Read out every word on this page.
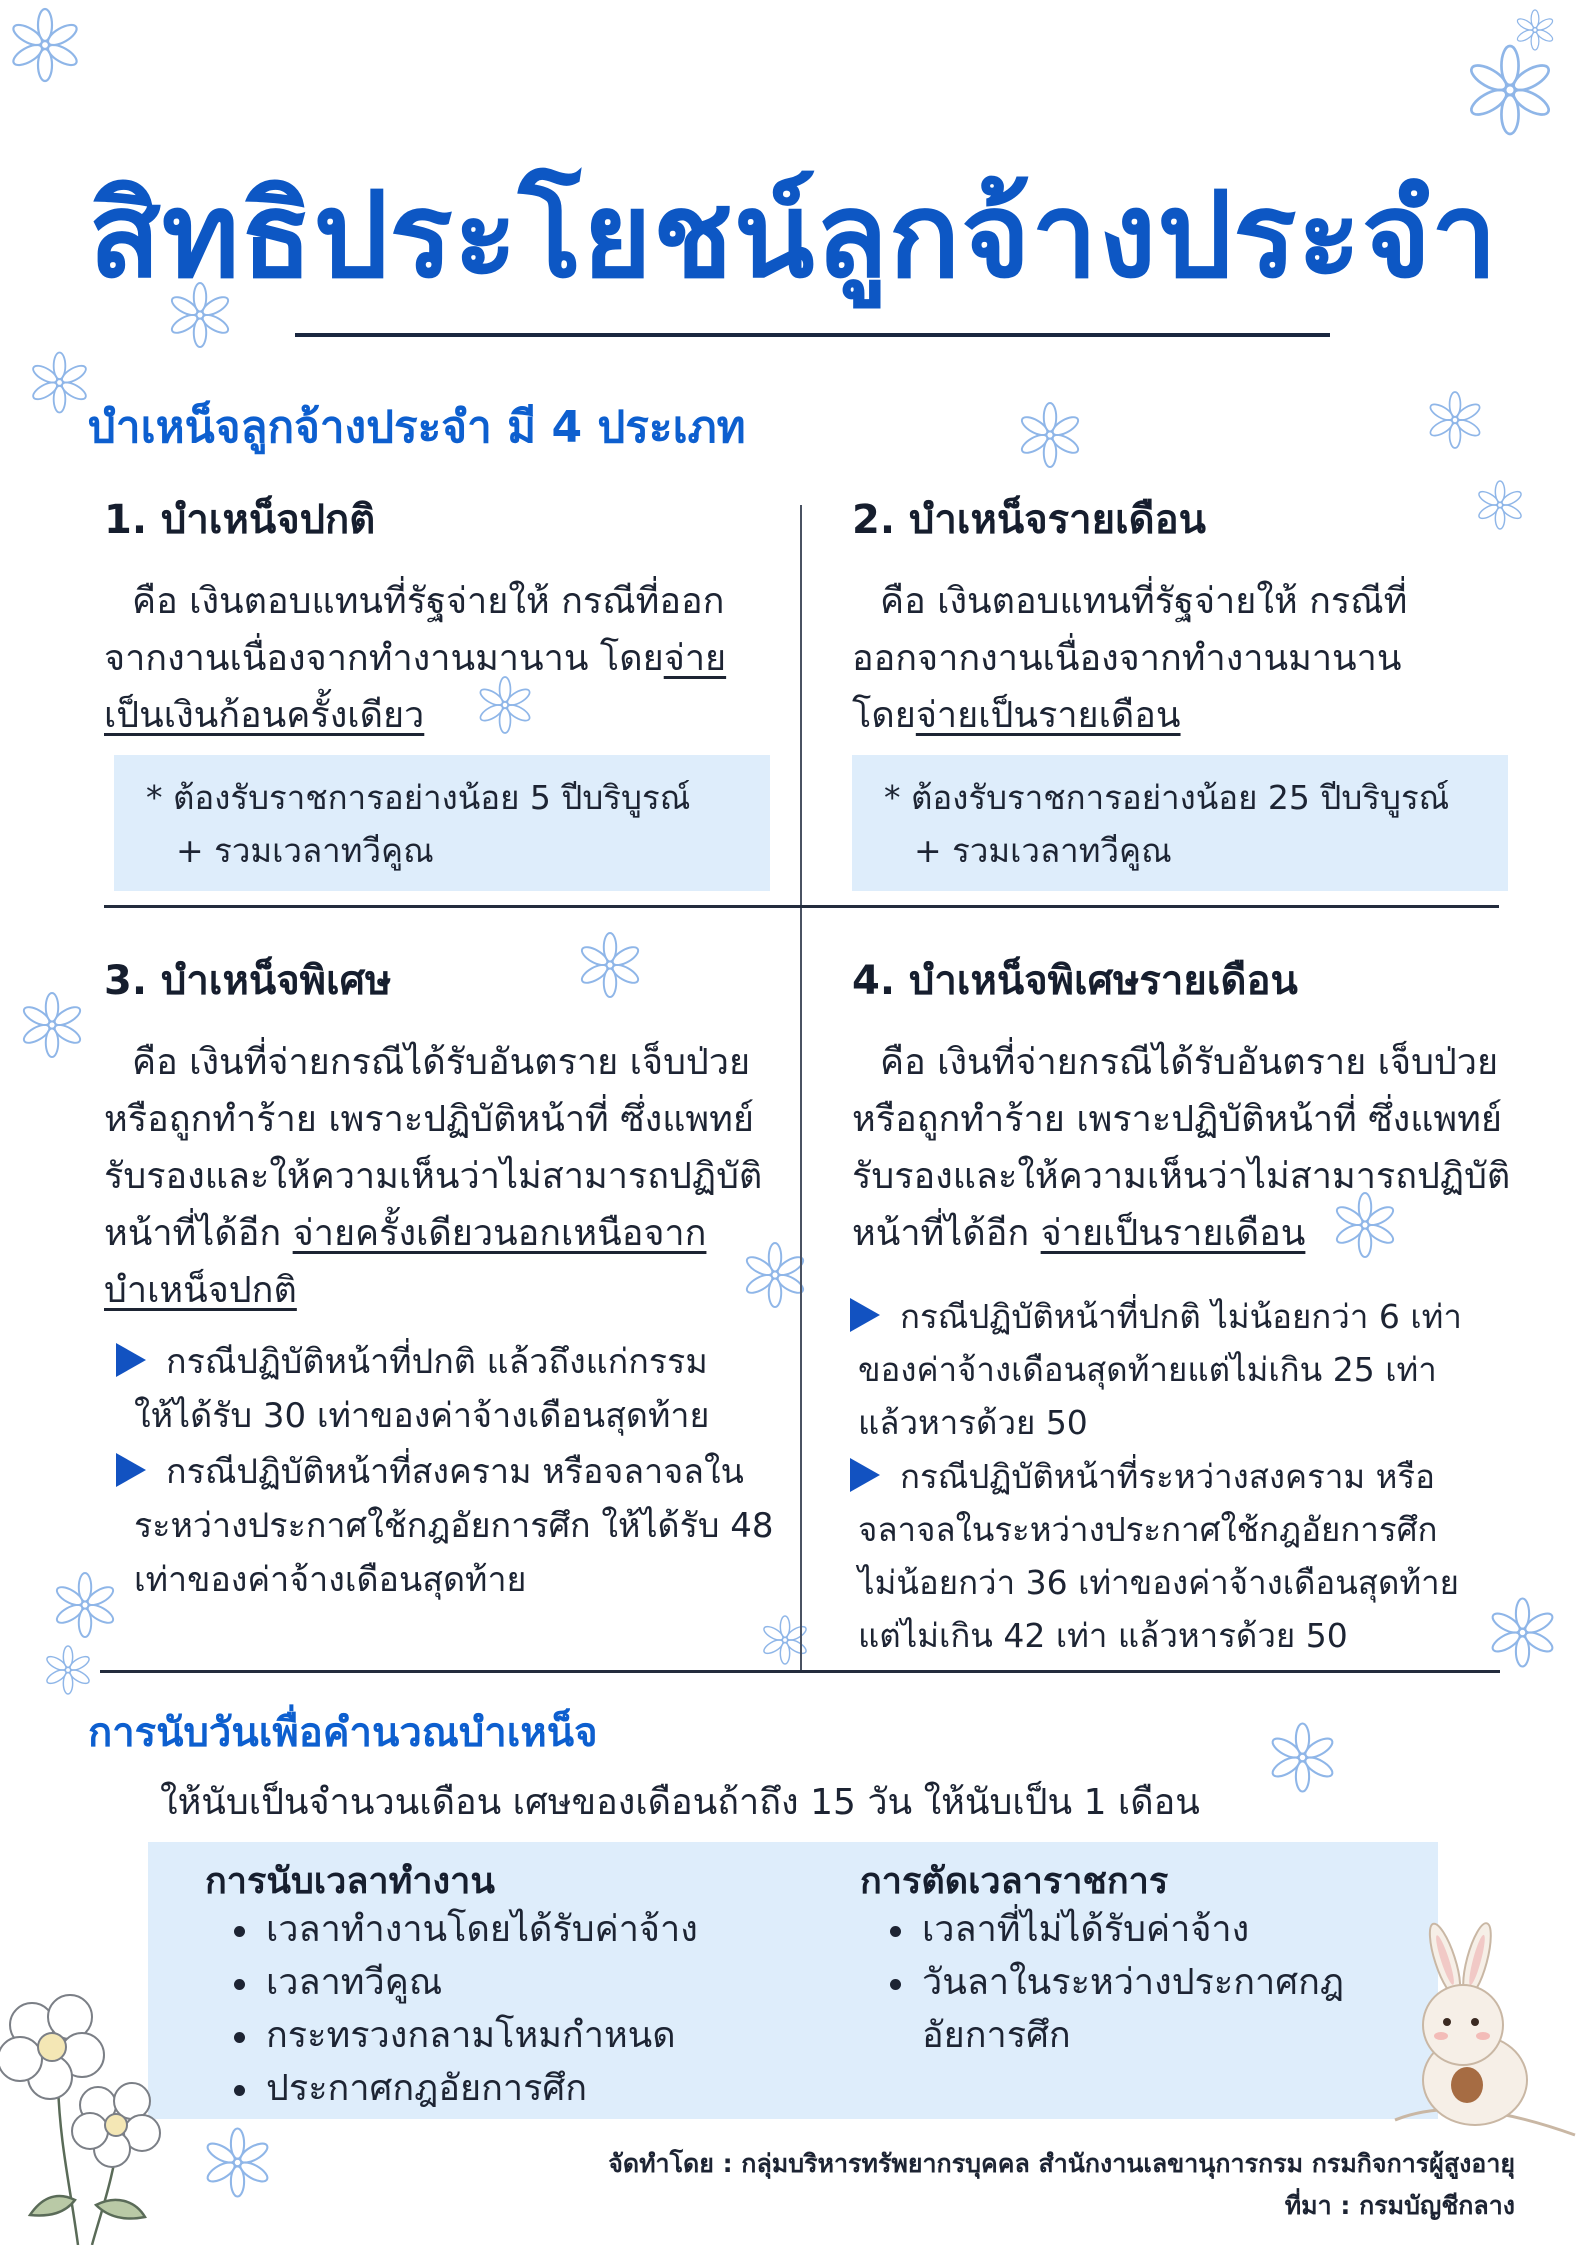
สิทธิประโยชน์ลูกจ้างประจำ
บำเหน็จลูกจ้างประจำ มี 4 ประเภท
1. บำเหน็จปกติ

คือ เงินตอบแทนที่รัฐจ่ายให้ กรณีที่ออก
จากงานเนื่องจากทำงานมานาน โดยจ่าย
เป็นเงินก้อนครั้งเดียว

* ต้องรับราชการอย่างน้อย 5 ปีบริบูรณ์
+ รวมเวลาทวีคูณ
2. บำเหน็จรายเดือน

คือ เงินตอบแทนที่รัฐจ่ายให้ กรณีที่
ออกจากงานเนื่องจากทำงานมานาน
โดยจ่ายเป็นรายเดือน

* ต้องรับราชการอย่างน้อย 25 ปีบริบูรณ์
+ รวมเวลาทวีคูณ
3. บำเหน็จพิเศษ

คือ เงินที่จ่ายกรณีได้รับอันตราย เจ็บป่วย
หรือถูกทำร้าย เพราะปฏิบัติหน้าที่ ซึ่งแพทย์
รับรองและให้ความเห็นว่าไม่สามารถปฏิบัติ
หน้าที่ได้อีก จ่ายครั้งเดียวนอกเหนือจาก
บำเหน็จปกติ

กรณีปฏิบัติหน้าที่ปกติ แล้วถึงแก่กรรม
ให้ได้รับ 30 เท่าของค่าจ้างเดือนสุดท้าย
กรณีปฏิบัติหน้าที่สงคราม หรือจลาจลใน
ระหว่างประกาศใช้กฎอัยการศึก ให้ได้รับ 48
เท่าของค่าจ้างเดือนสุดท้าย
4. บำเหน็จพิเศษรายเดือน

คือ เงินที่จ่ายกรณีได้รับอันตราย เจ็บป่วย
หรือถูกทำร้าย เพราะปฏิบัติหน้าที่ ซึ่งแพทย์
รับรองและให้ความเห็นว่าไม่สามารถปฏิบัติ
หน้าที่ได้อีก จ่ายเป็นรายเดือน

กรณีปฏิบัติหน้าที่ปกติ ไม่น้อยกว่า 6 เท่า
ของค่าจ้างเดือนสุดท้ายแต่ไม่เกิน 25 เท่า
แล้วหารด้วย 50
กรณีปฏิบัติหน้าที่ระหว่างสงคราม หรือ
จลาจลในระหว่างประกาศใช้กฎอัยการศึก
ไม่น้อยกว่า 36 เท่าของค่าจ้างเดือนสุดท้าย
แต่ไม่เกิน 42 เท่า แล้วหารด้วย 50
การนับวันเพื่อคำนวณบำเหน็จ
ให้นับเป็นจำนวนเดือน เศษของเดือนถ้าถึง 15 วัน ให้นับเป็น 1 เดือน
การนับเวลาทำงาน
เวลาทำงานโดยได้รับค่าจ้าง
เวลาทวีคูณ
กระทรวงกลามโหมกำหนด
ประกาศกฎอัยการศึก
การตัดเวลาราชการ
เวลาที่ไม่ได้รับค่าจ้าง
วันลาในระหว่างประกาศกฎ
อัยการศึก
จัดทำโดย : กลุ่มบริหารทรัพยากรบุคคล สำนักงานเลขานุการกรม กรมกิจการผู้สูงอายุ
ที่มา : กรมบัญชีกลาง
